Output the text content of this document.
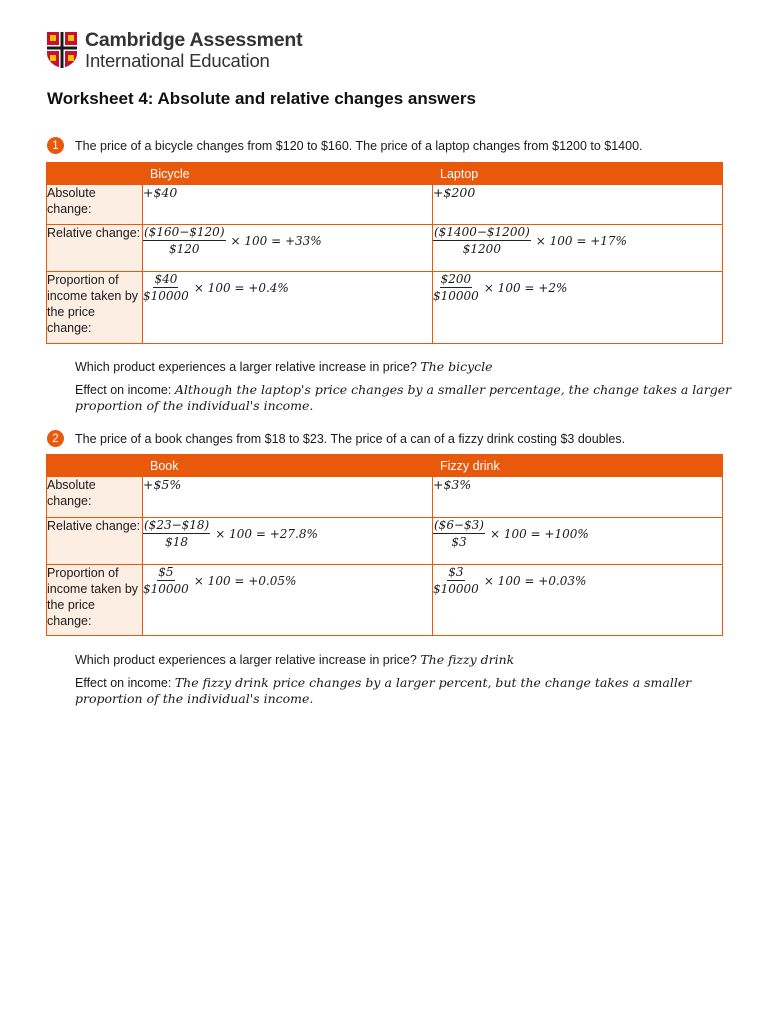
Cambridge Assessment
International Education
Worksheet 4: Absolute and relative changes answers
1	The price of a bicycle changes from $120 to $160. The price of a laptop changes from $1200 to $1400.
	Bicycle	Laptop
Absolute change:	+$40	+$200
Relative change:	$\frac{(\$160-\$120)}{\$120} \times 100 = +33\%$	$\frac{(\$1400-\$1200)}{\$1200} \times 100 = +17\%$

Proportion of income taken by the price change:	$\frac{\$40}{\$10000} \times 100 = +0.4\%$	$\frac{\$200}{\$10000} \times 100 = +2\%$
Which product experiences a larger relative increase in price? The bicycle
Effect on income: Although the laptop's price changes by a smaller percentage, the change takes a larger proportion of the individual's income.
2	The price of a book changes from $18 to $23. The price of a can of a fizzy drink costing $3 doubles.
	Book	Fizzy drink
Absolute change:	+$5%	+$3%
Relative change:	$\frac{(\$23-\$18)}{\$18} \times 100 = +27.8\%$	$\frac{(\$6-\$3)}{\$3} \times 100 = +100\%$

Proportion of income taken by the price change:	$\frac{\$5}{\$10000} \times 100 = +0.05\%$	$\frac{\$3}{\$10000} \times 100 = +0.03\%$
Which product experiences a larger relative increase in price? The fizzy drink
Effect on income: The fizzy drink price changes by a larger percent, but the change takes a smaller proportion of the individual's income.
